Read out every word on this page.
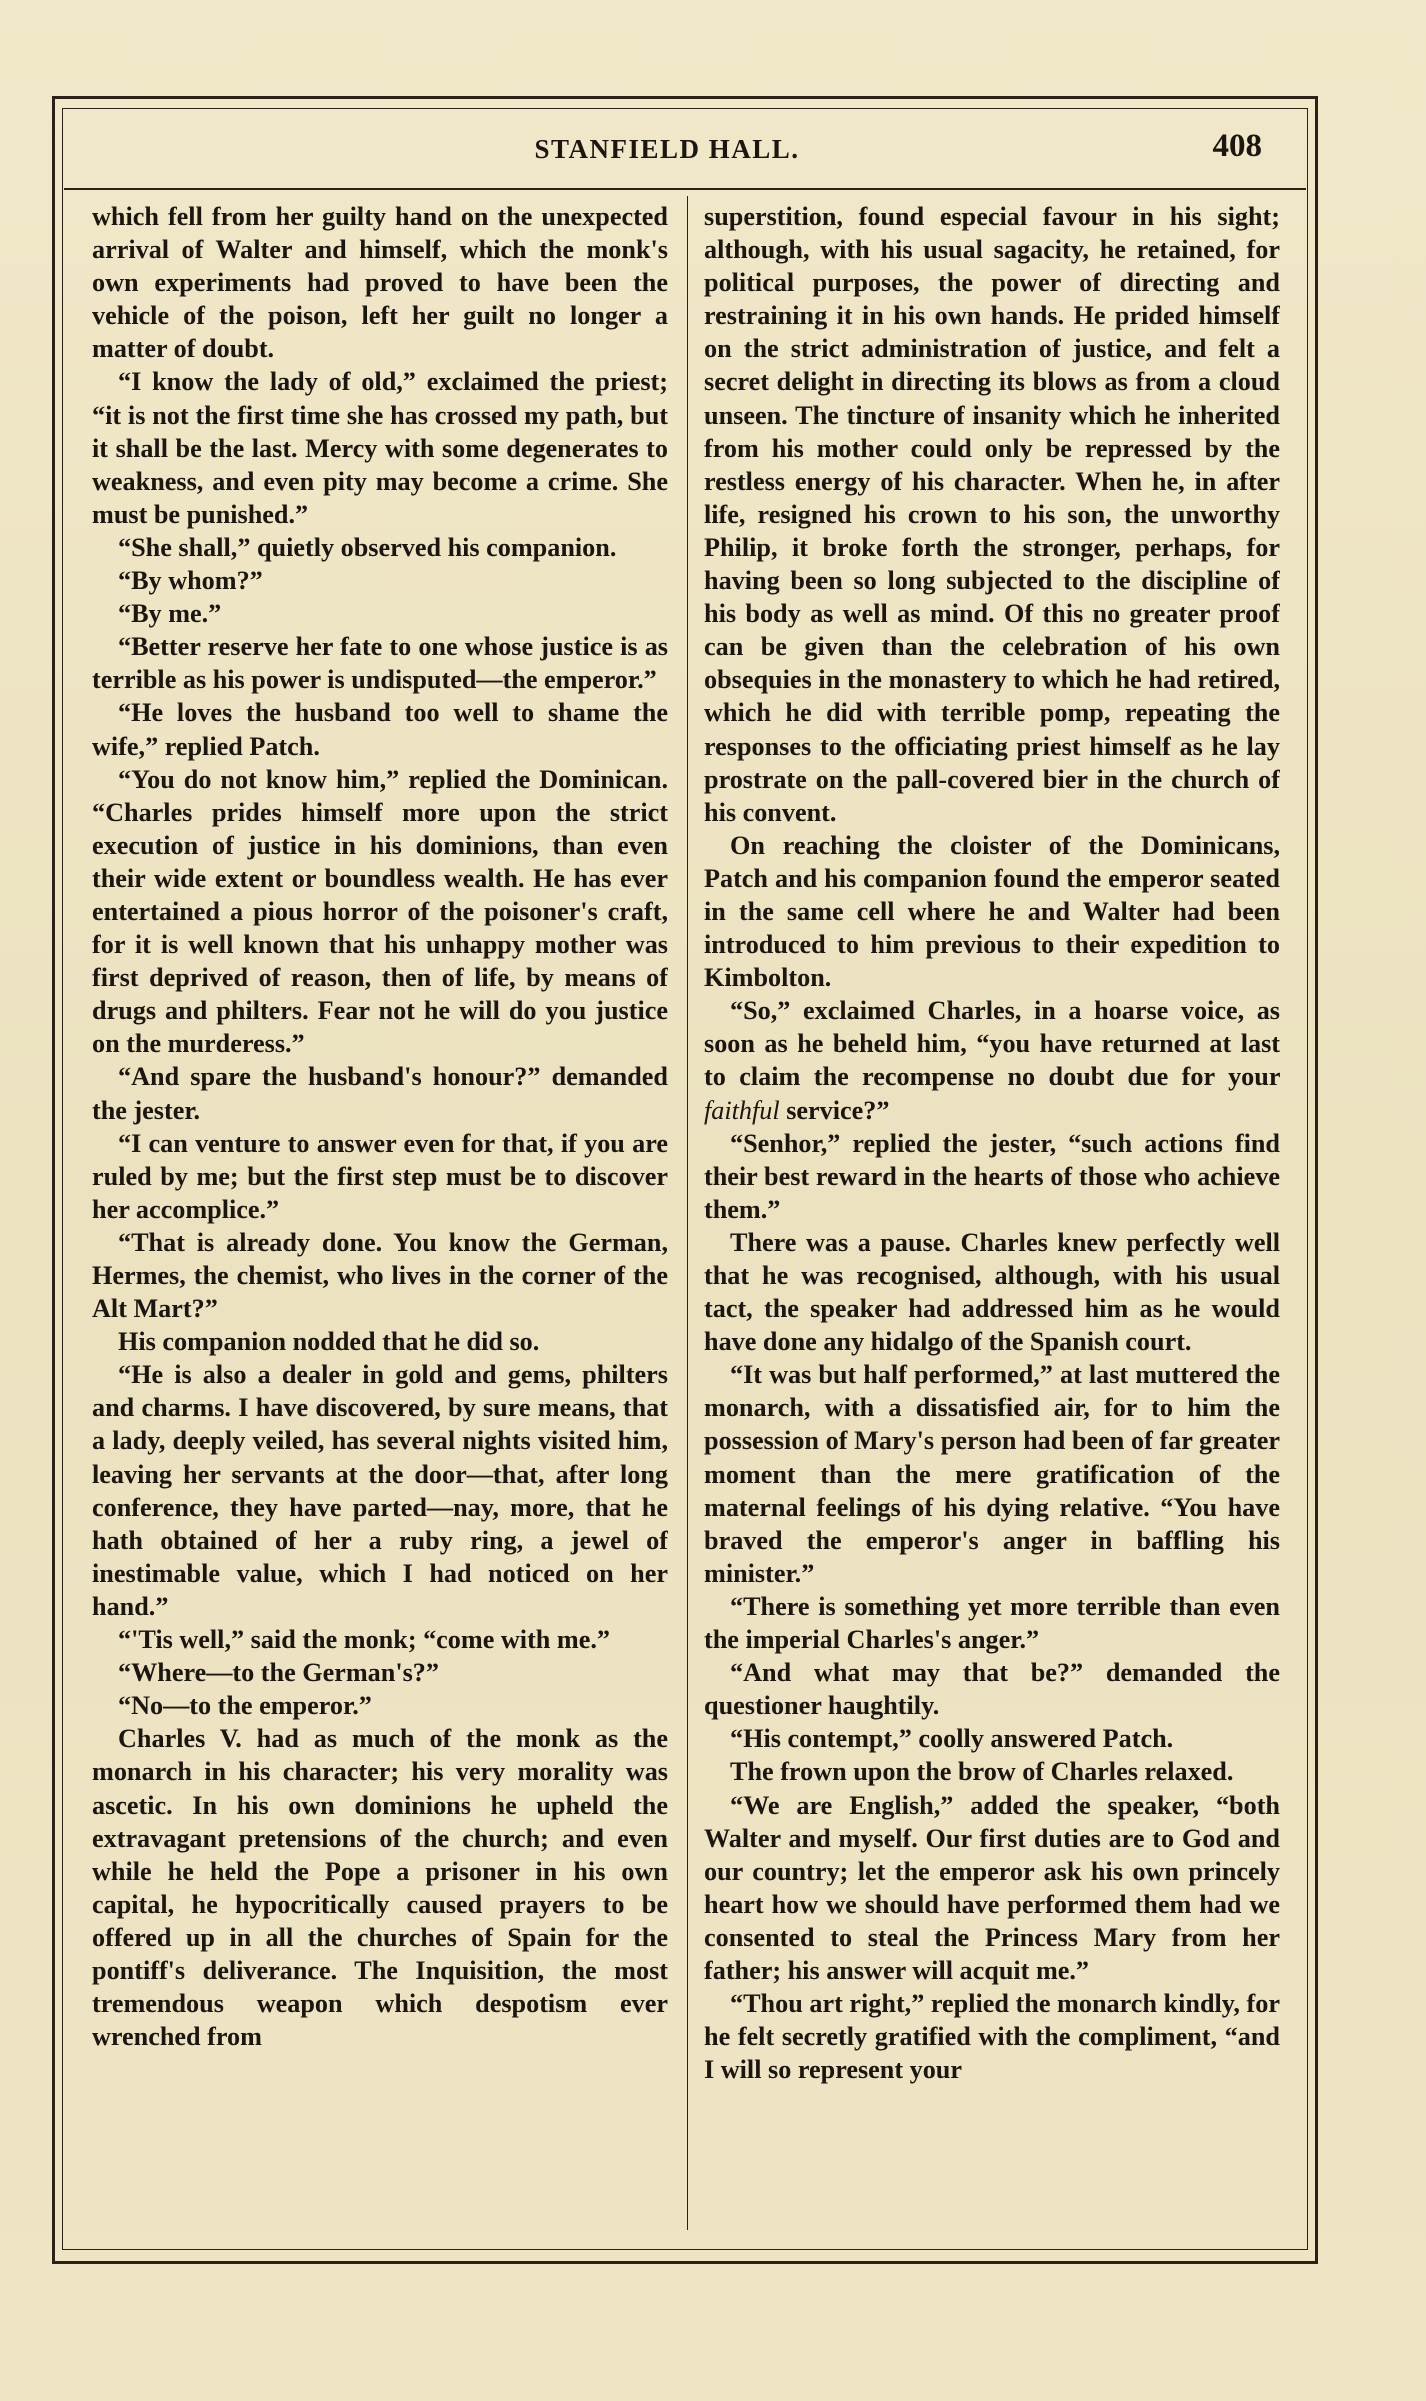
STANFIELD HALL.	408

which fell from her guilty hand on the unexpected arrival of Walter and himself, which the monk's own experiments had proved to have been the vehicle of the poison, left her guilt no longer a matter of doubt.

“I know the lady of old,” exclaimed the priest; “it is not the first time she has crossed my path, but it shall be the last. Mercy with some degenerates to weakness, and even pity may become a crime. She must be punished.”

“She shall,” quietly observed his companion.

“By whom?”

“By me.”

“Better reserve her fate to one whose justice is as terrible as his power is undisputed—the emperor.”

“He loves the husband too well to shame the wife,” replied Patch.

“You do not know him,” replied the Dominican. “Charles prides himself more upon the strict execution of justice in his dominions, than even their wide extent or boundless wealth. He has ever entertained a pious horror of the poisoner's craft, for it is well known that his unhappy mother was first deprived of reason, then of life, by means of drugs and philters. Fear not he will do you justice on the murderess.”

“And spare the husband's honour?” demanded the jester.

“I can venture to answer even for that, if you are ruled by me; but the first step must be to discover her accomplice.”

“That is already done. You know the German, Hermes, the chemist, who lives in the corner of the Alt Mart?”

His companion nodded that he did so.

“He is also a dealer in gold and gems, philters and charms. I have discovered, by sure means, that a lady, deeply veiled, has several nights visited him, leaving her servants at the door—that, after long conference, they have parted—nay, more, that he hath obtained of her a ruby ring, a jewel of inestimable value, which I had noticed on her hand.”

“'Tis well,” said the monk; “come with me.”

“Where—to the German's?”

“No—to the emperor.”

Charles V. had as much of the monk as the monarch in his character; his very morality was ascetic. In his own dominions he upheld the extravagant pretensions of the church; and even while he held the Pope a prisoner in his own capital, he hypocritically caused prayers to be offered up in all the churches of Spain for the pontiff's deliverance. The Inquisition, the most tremendous weapon which despotism ever wrenched from

superstition, found especial favour in his sight; although, with his usual sagacity, he retained, for political purposes, the power of directing and restraining it in his own hands. He prided himself on the strict administration of justice, and felt a secret delight in directing its blows as from a cloud unseen. The tincture of insanity which he inherited from his mother could only be repressed by the restless energy of his character. When he, in after life, resigned his crown to his son, the unworthy Philip, it broke forth the stronger, perhaps, for having been so long subjected to the discipline of his body as well as mind. Of this no greater proof can be given than the celebration of his own obsequies in the monastery to which he had retired, which he did with terrible pomp, repeating the responses to the officiating priest himself as he lay prostrate on the pall-covered bier in the church of his convent.

On reaching the cloister of the Dominicans, Patch and his companion found the emperor seated in the same cell where he and Walter had been introduced to him previous to their expedition to Kimbolton.

“So,” exclaimed Charles, in a hoarse voice, as soon as he beheld him, “you have returned at last to claim the recompense no doubt due for your faithful service?”

“Senhor,” replied the jester, “such actions find their best reward in the hearts of those who achieve them.”

There was a pause. Charles knew perfectly well that he was recognised, although, with his usual tact, the speaker had addressed him as he would have done any hidalgo of the Spanish court.

“It was but half performed,” at last muttered the monarch, with a dissatisfied air, for to him the possession of Mary's person had been of far greater moment than the mere gratification of the maternal feelings of his dying relative. “You have braved the emperor's anger in baffling his minister.”

“There is something yet more terrible than even the imperial Charles's anger.”

“And what may that be?” demanded the questioner haughtily.

“His contempt,” coolly answered Patch.

The frown upon the brow of Charles relaxed.

“We are English,” added the speaker, “both Walter and myself. Our first duties are to God and our country; let the emperor ask his own princely heart how we should have performed them had we consented to steal the Princess Mary from her father; his answer will acquit me.”

“Thou art right,” replied the monarch kindly, for he felt secretly gratified with the compliment, “and I will so represent your
